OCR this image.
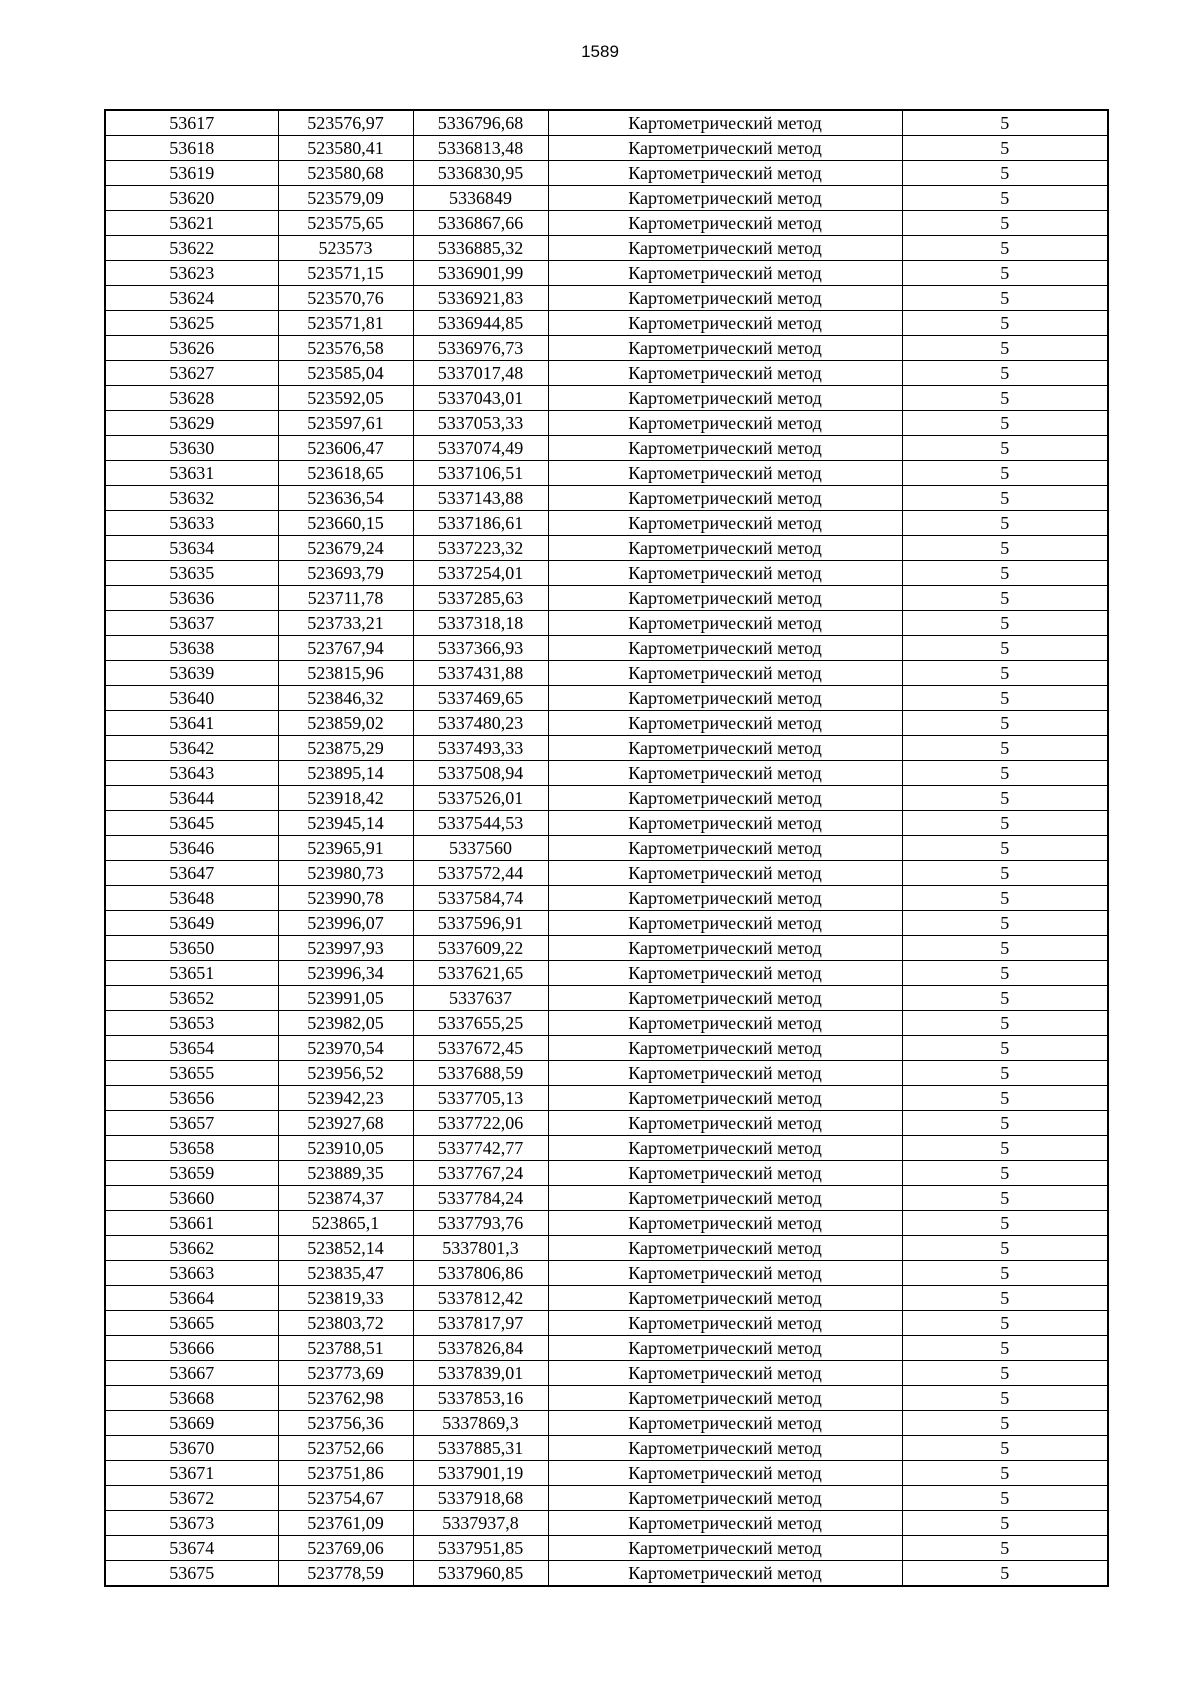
1589
53617	523576,97	5336796,68	Картометрический метод	5
53618	523580,41	5336813,48	Картометрический метод	5
53619	523580,68	5336830,95	Картометрический метод	5
53620	523579,09	5336849	Картометрический метод	5
53621	523575,65	5336867,66	Картометрический метод	5
53622	523573	5336885,32	Картометрический метод	5
53623	523571,15	5336901,99	Картометрический метод	5
53624	523570,76	5336921,83	Картометрический метод	5
53625	523571,81	5336944,85	Картометрический метод	5
53626	523576,58	5336976,73	Картометрический метод	5
53627	523585,04	5337017,48	Картометрический метод	5
53628	523592,05	5337043,01	Картометрический метод	5
53629	523597,61	5337053,33	Картометрический метод	5
53630	523606,47	5337074,49	Картометрический метод	5
53631	523618,65	5337106,51	Картометрический метод	5
53632	523636,54	5337143,88	Картометрический метод	5
53633	523660,15	5337186,61	Картометрический метод	5
53634	523679,24	5337223,32	Картометрический метод	5
53635	523693,79	5337254,01	Картометрический метод	5
53636	523711,78	5337285,63	Картометрический метод	5
53637	523733,21	5337318,18	Картометрический метод	5
53638	523767,94	5337366,93	Картометрический метод	5
53639	523815,96	5337431,88	Картометрический метод	5
53640	523846,32	5337469,65	Картометрический метод	5
53641	523859,02	5337480,23	Картометрический метод	5
53642	523875,29	5337493,33	Картометрический метод	5
53643	523895,14	5337508,94	Картометрический метод	5
53644	523918,42	5337526,01	Картометрический метод	5
53645	523945,14	5337544,53	Картометрический метод	5
53646	523965,91	5337560	Картометрический метод	5
53647	523980,73	5337572,44	Картометрический метод	5
53648	523990,78	5337584,74	Картометрический метод	5
53649	523996,07	5337596,91	Картометрический метод	5
53650	523997,93	5337609,22	Картометрический метод	5
53651	523996,34	5337621,65	Картометрический метод	5
53652	523991,05	5337637	Картометрический метод	5
53653	523982,05	5337655,25	Картометрический метод	5
53654	523970,54	5337672,45	Картометрический метод	5
53655	523956,52	5337688,59	Картометрический метод	5
53656	523942,23	5337705,13	Картометрический метод	5
53657	523927,68	5337722,06	Картометрический метод	5
53658	523910,05	5337742,77	Картометрический метод	5
53659	523889,35	5337767,24	Картометрический метод	5
53660	523874,37	5337784,24	Картометрический метод	5
53661	523865,1	5337793,76	Картометрический метод	5
53662	523852,14	5337801,3	Картометрический метод	5
53663	523835,47	5337806,86	Картометрический метод	5
53664	523819,33	5337812,42	Картометрический метод	5
53665	523803,72	5337817,97	Картометрический метод	5
53666	523788,51	5337826,84	Картометрический метод	5
53667	523773,69	5337839,01	Картометрический метод	5
53668	523762,98	5337853,16	Картометрический метод	5
53669	523756,36	5337869,3	Картометрический метод	5
53670	523752,66	5337885,31	Картометрический метод	5
53671	523751,86	5337901,19	Картометрический метод	5
53672	523754,67	5337918,68	Картометрический метод	5
53673	523761,09	5337937,8	Картометрический метод	5
53674	523769,06	5337951,85	Картометрический метод	5
53675	523778,59	5337960,85	Картометрический метод	5
